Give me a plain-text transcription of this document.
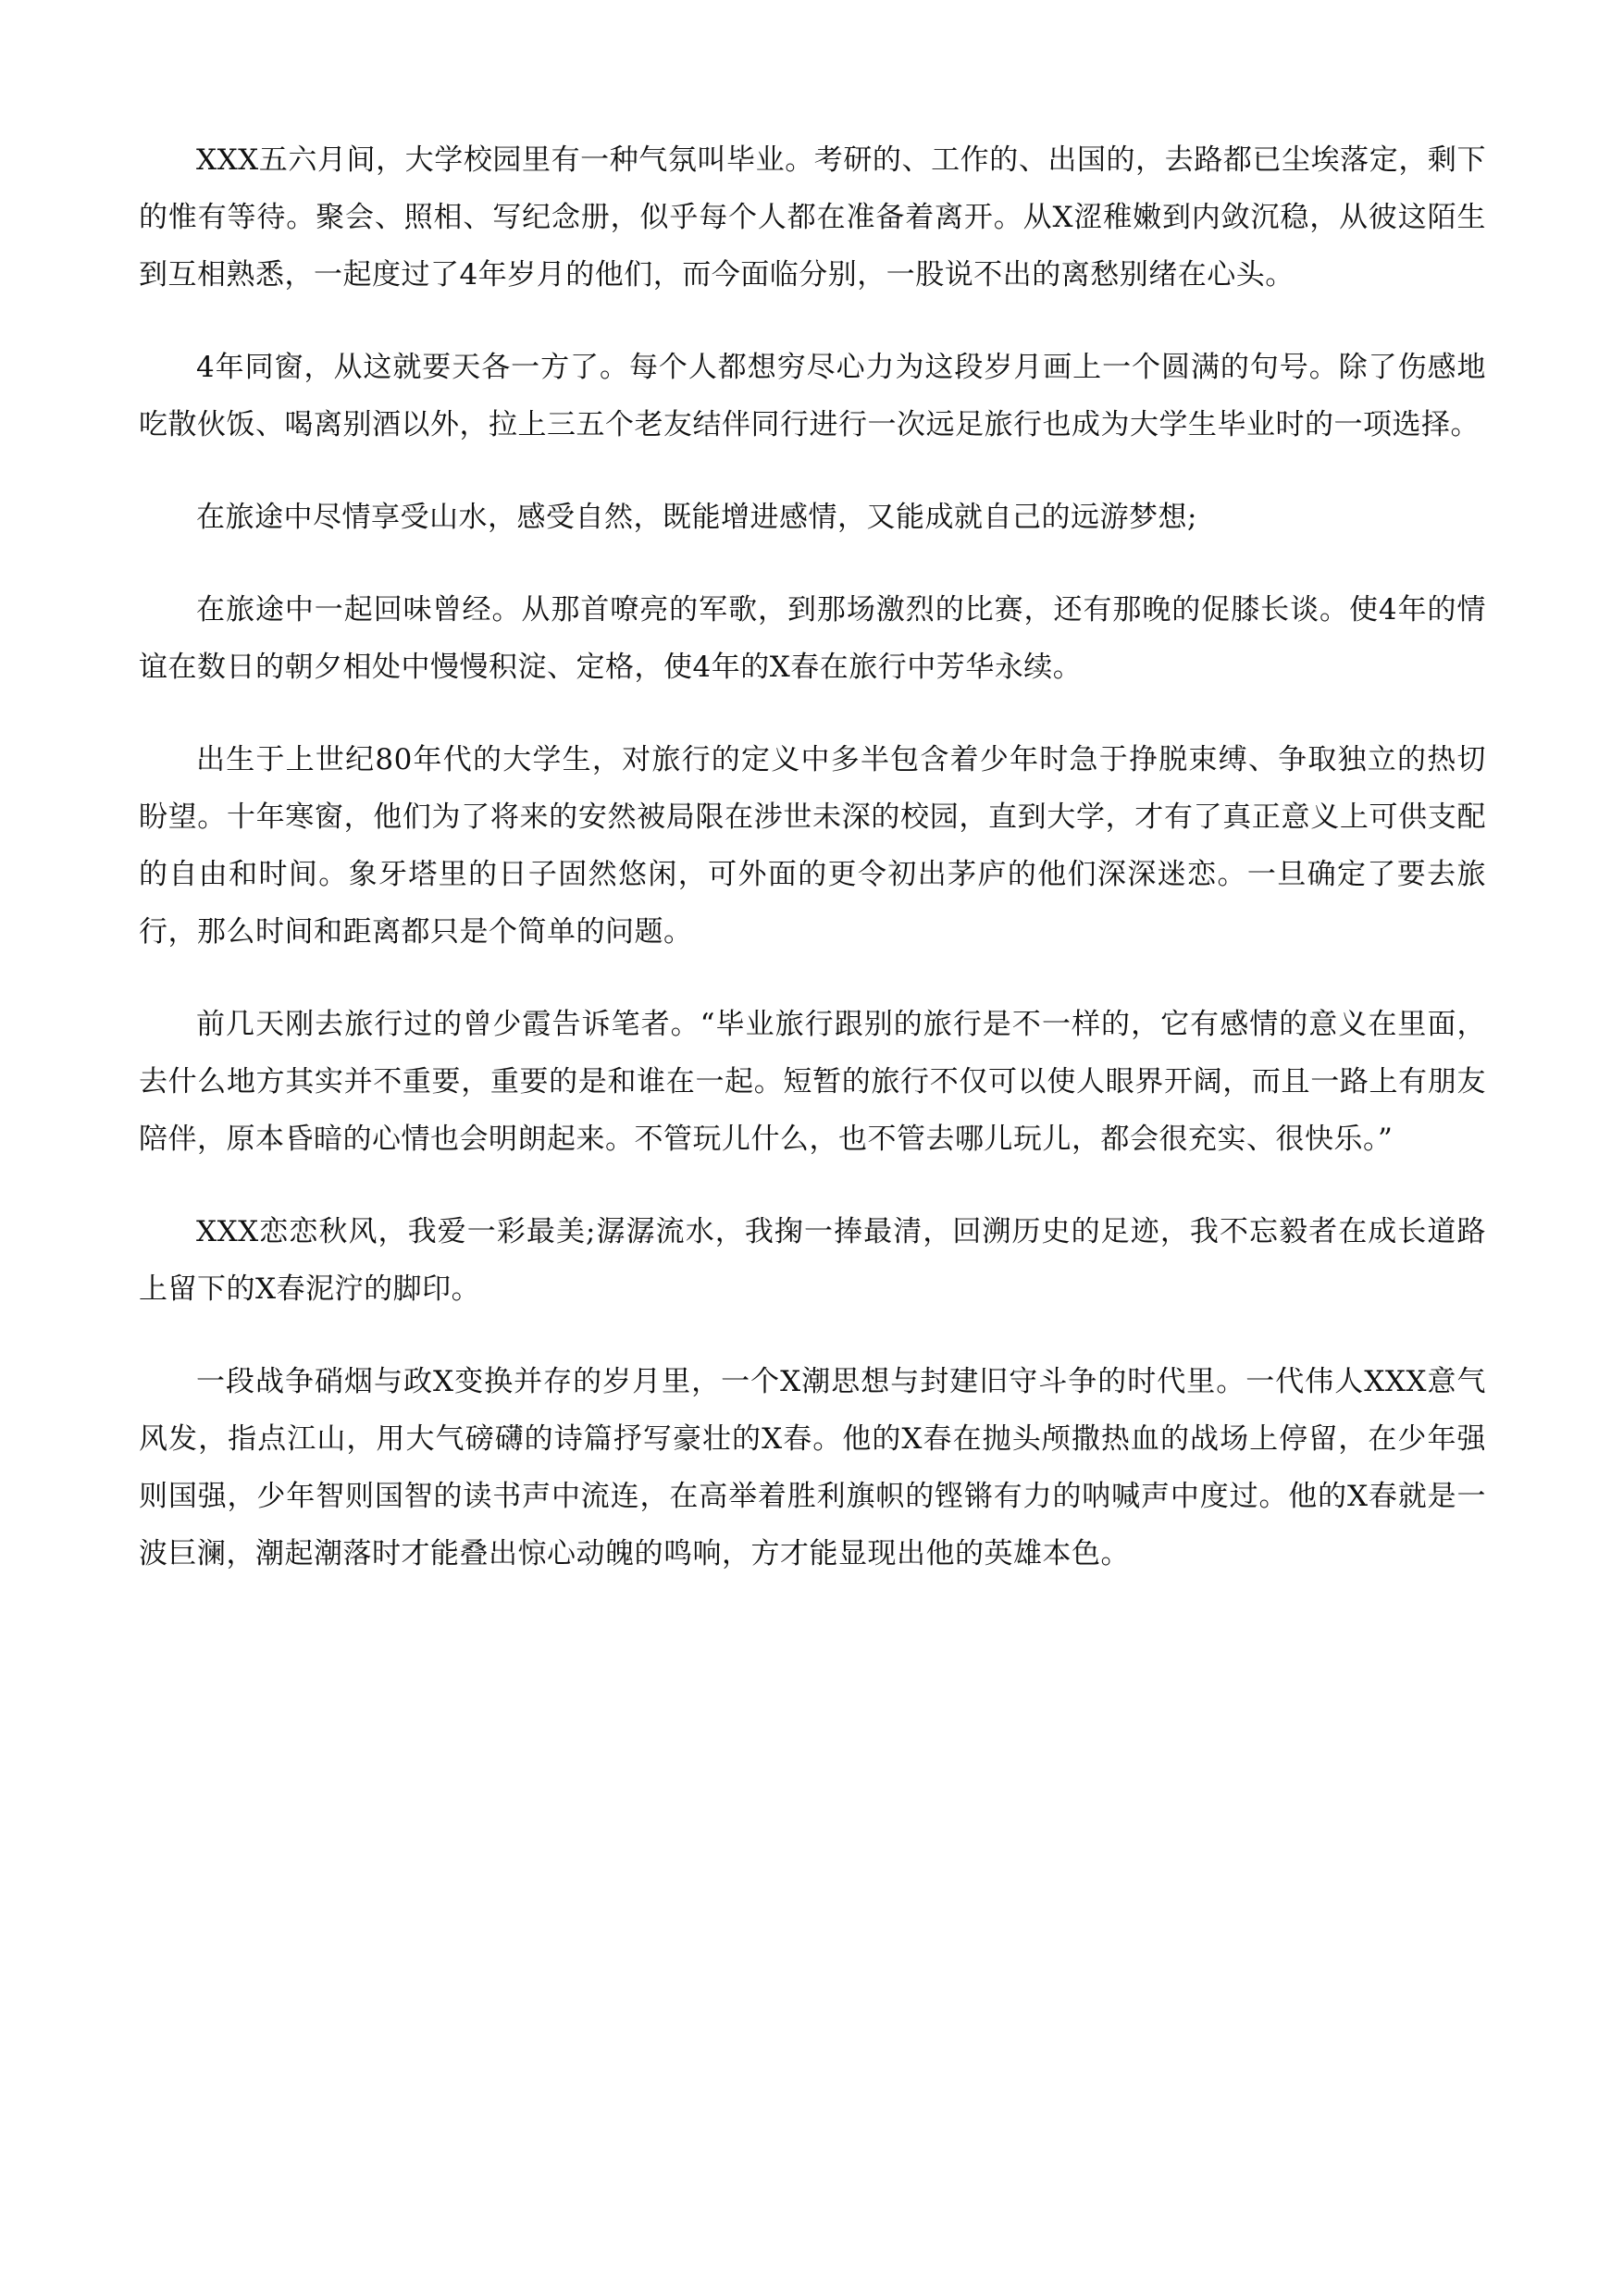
XXX五六月间，大学校园里有一种气氛叫毕业。考研的、工作的、出国的，去路都已尘埃落定，剩下的惟有等待。聚会、照相、写纪念册，似乎每个人都在准备着离开。从X涩稚嫩到内敛沉稳，从彼这陌生到互相熟悉，一起度过了4年岁月的他们，而今面临分别，一股说不出的离愁别绪在心头。

4年同窗，从这就要天各一方了。每个人都想穷尽心力为这段岁月画上一个圆满的句号。除了伤感地吃散伙饭、喝离别酒以外，拉上三五个老友结伴同行进行一次远足旅行也成为大学生毕业时的一项选择。

在旅途中尽情享受山水，感受自然，既能增进感情，又能成就自己的远游梦想;

在旅途中一起回味曾经。从那首嘹亮的军歌，到那场激烈的比赛，还有那晚的促膝长谈。使4年的情谊在数日的朝夕相处中慢慢积淀、定格，使4年的X春在旅行中芳华永续。

出生于上世纪80年代的大学生，对旅行的定义中多半包含着少年时急于挣脱束缚、争取独立的热切盼望。十年寒窗，他们为了将来的安然被局限在涉世未深的校园，直到大学，才有了真正意义上可供支配的自由和时间。象牙塔里的日子固然悠闲，可外面的更令初出茅庐的他们深深迷恋。一旦确定了要去旅行，那么时间和距离都只是个简单的问题。

前几天刚去旅行过的曾少霞告诉笔者。“毕业旅行跟别的旅行是不一样的，它有感情的意义在里面，去什么地方其实并不重要，重要的是和谁在一起。短暂的旅行不仅可以使人眼界开阔，而且一路上有朋友陪伴，原本昏暗的心情也会明朗起来。不管玩儿什么，也不管去哪儿玩儿，都会很充实、很快乐。”

XXX恋恋秋风，我爱一彩最美;潺潺流水，我掬一捧最清，回溯历史的足迹，我不忘毅者在成长道路上留下的X春泥泞的脚印。

一段战争硝烟与政X变换并存的岁月里，一个X潮思想与封建旧守斗争的时代里。一代伟人XXX意气风发，指点江山，用大气磅礴的诗篇抒写豪壮的X春。他的X春在抛头颅撒热血的战场上停留，在少年强则国强，少年智则国智的读书声中流连，在高举着胜利旗帜的铿锵有力的呐喊声中度过。他的X春就是一波巨澜，潮起潮落时才能叠出惊心动魄的鸣响，方才能显现出他的英雄本色。
